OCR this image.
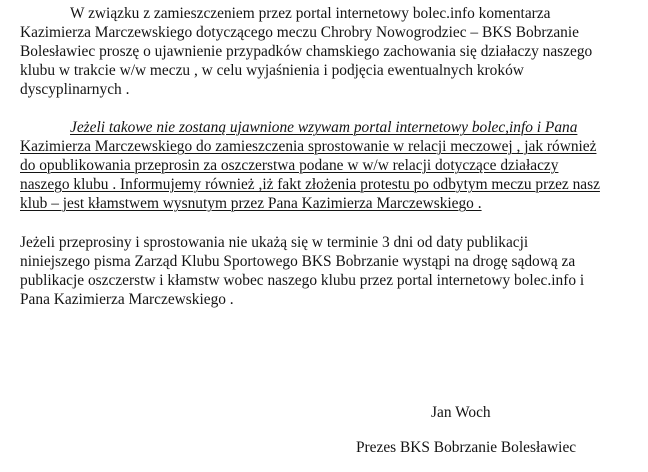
W związku z zamieszczeniem przez portal internetowy bolec.info komentarza
Kazimierza Marczewskiego dotyczącego meczu Chrobry Nowogrodziec – BKS Bobrzanie
Bolesławiec proszę o ujawnienie przypadków chamskiego zachowania się działaczy naszego
klubu w trakcie w/w meczu , w celu wyjaśnienia i podjęcia ewentualnych kroków
dyscyplinarnych .

Jeżeli takowe nie zostaną ujawnione wzywam portal internetowy bolec,info i Pana
Kazimierza Marczewskiego do zamieszczenia sprostowanie w relacji meczowej , jak również
do opublikowania przeprosin za oszczerstwa podane w w/w relacji dotyczące działaczy
naszego klubu . Informujemy również ,iż fakt złożenia protestu po odbytym meczu przez nasz
klub – jest kłamstwem wysnutym przez Pana Kazimierza Marczewskiego .

Jeżeli przeprosiny i sprostowania nie ukażą się w terminie 3 dni od daty publikacji
niniejszego pisma Zarząd Klubu Sportowego BKS Bobrzanie wystąpi na drogę sądową za
publikacje oszczerstw i kłamstw wobec naszego klubu przez portal internetowy bolec.info i
Pana Kazimierza Marczewskiego .

Jan Woch

Prezes BKS Bobrzanie Bolesławiec
